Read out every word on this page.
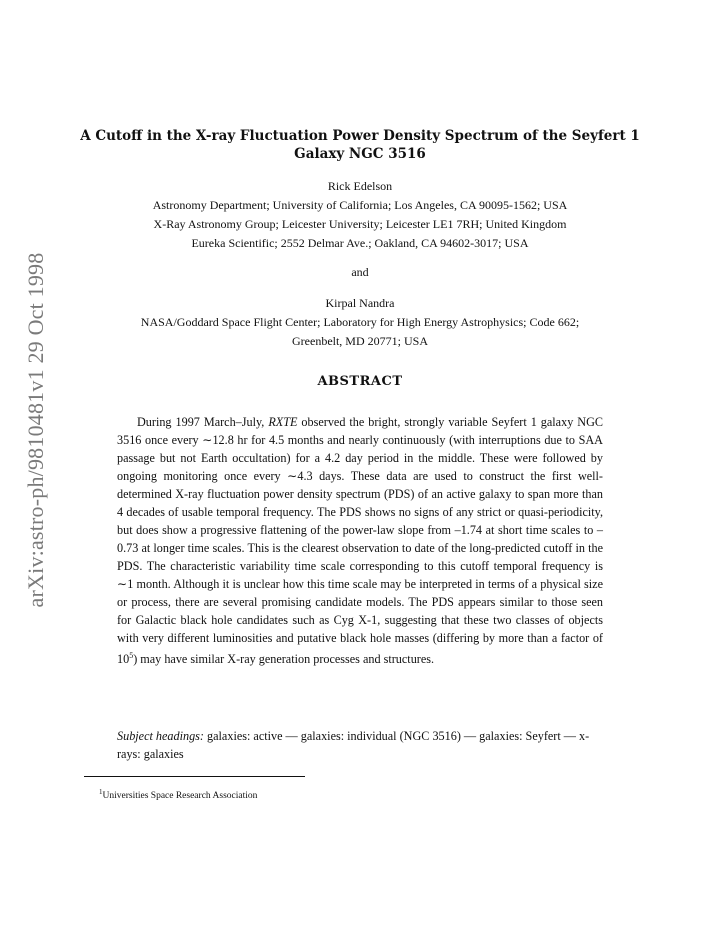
arXiv:astro-ph/9810481v1 29 Oct 1998
A Cutoff in the X-ray Fluctuation Power Density Spectrum of the Seyfert 1
Galaxy NGC 3516
Rick Edelson
Astronomy Department; University of California; Los Angeles, CA 90095-1562; USA
X-Ray Astronomy Group; Leicester University; Leicester LE1 7RH; United Kingdom
Eureka Scientific; 2552 Delmar Ave.; Oakland, CA 94602-3017; USA
and
Kirpal Nandra
NASA/Goddard Space Flight Center; Laboratory for High Energy Astrophysics; Code 662;
Greenbelt, MD 20771; USA
ABSTRACT
During 1997 March–July, RXTE observed the bright, strongly variable Seyfert 1 galaxy NGC 3516 once every ∼12.8 hr for 4.5 months and nearly continuously (with interruptions due to SAA passage but not Earth occultation) for a 4.2 day period in the middle. These were followed by ongoing monitoring once every ∼4.3 days. These data are used to construct the first well-determined X-ray fluctuation power density spectrum (PDS) of an active galaxy to span more than 4 decades of usable temporal frequency. The PDS shows no signs of any strict or quasi-periodicity, but does show a progressive flattening of the power-law slope from –1.74 at short time scales to –0.73 at longer time scales. This is the clearest observation to date of the long-predicted cutoff in the PDS. The characteristic variability time scale corresponding to this cutoff temporal frequency is ∼1 month. Although it is unclear how this time scale may be interpreted in terms of a physical size or process, there are several promising candidate models. The PDS appears similar to those seen for Galactic black hole candidates such as Cyg X-1, suggesting that these two classes of objects with very different luminosities and putative black hole masses (differing by more than a factor of $10^5$) may have similar X-ray generation processes and structures.
Subject headings: galaxies: active — galaxies: individual (NGC 3516) — galaxies: Seyfert — x-rays: galaxies
$^1$Universities Space Research Association
